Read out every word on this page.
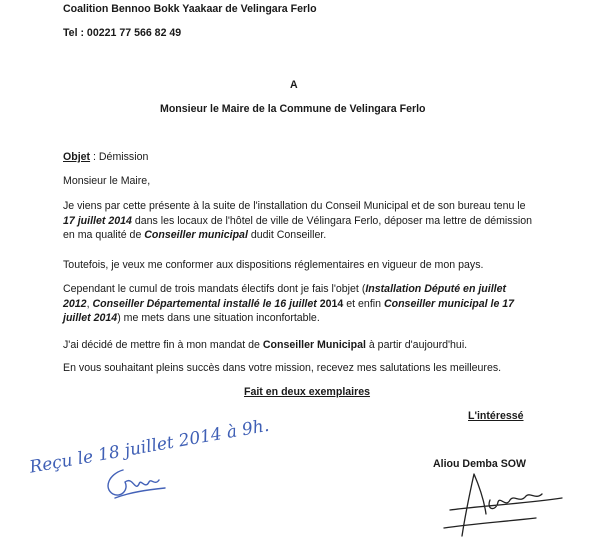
Coalition Bennoo Bokk Yaakaar de Velingara Ferlo
Tel : 00221 77 566 82 49
A
Monsieur le Maire de la Commune de Velingara Ferlo
Objet : Démission
Monsieur le Maire,

Je viens par cette présente à la suite de l'installation du Conseil Municipal et de son bureau tenu le 17 juillet 2014 dans les locaux de l'hôtel de ville de Vélingara Ferlo, déposer ma lettre de démission en ma qualité de Conseiller municipal dudit Conseiller.

Toutefois, je veux me conformer aux dispositions réglementaires en vigueur de mon pays.

Cependant le cumul de trois mandats électifs dont je fais l'objet (Installation Député en juillet 2012, Conseiller Départemental installé le 16 juillet 2014 et enfin Conseiller municipal le 17 juillet 2014) me mets dans une situation inconfortable.

J'ai décidé de mettre fin à mon mandat de Conseiller Municipal à partir d'aujourd'hui.

En vous souhaitant pleins succès dans votre mission, recevez mes salutations les meilleures.

Fait en deux exemplaires
L'intéressé
Aliou Demba SOW
Reçu le 18 juillet 2014 à 9h.
